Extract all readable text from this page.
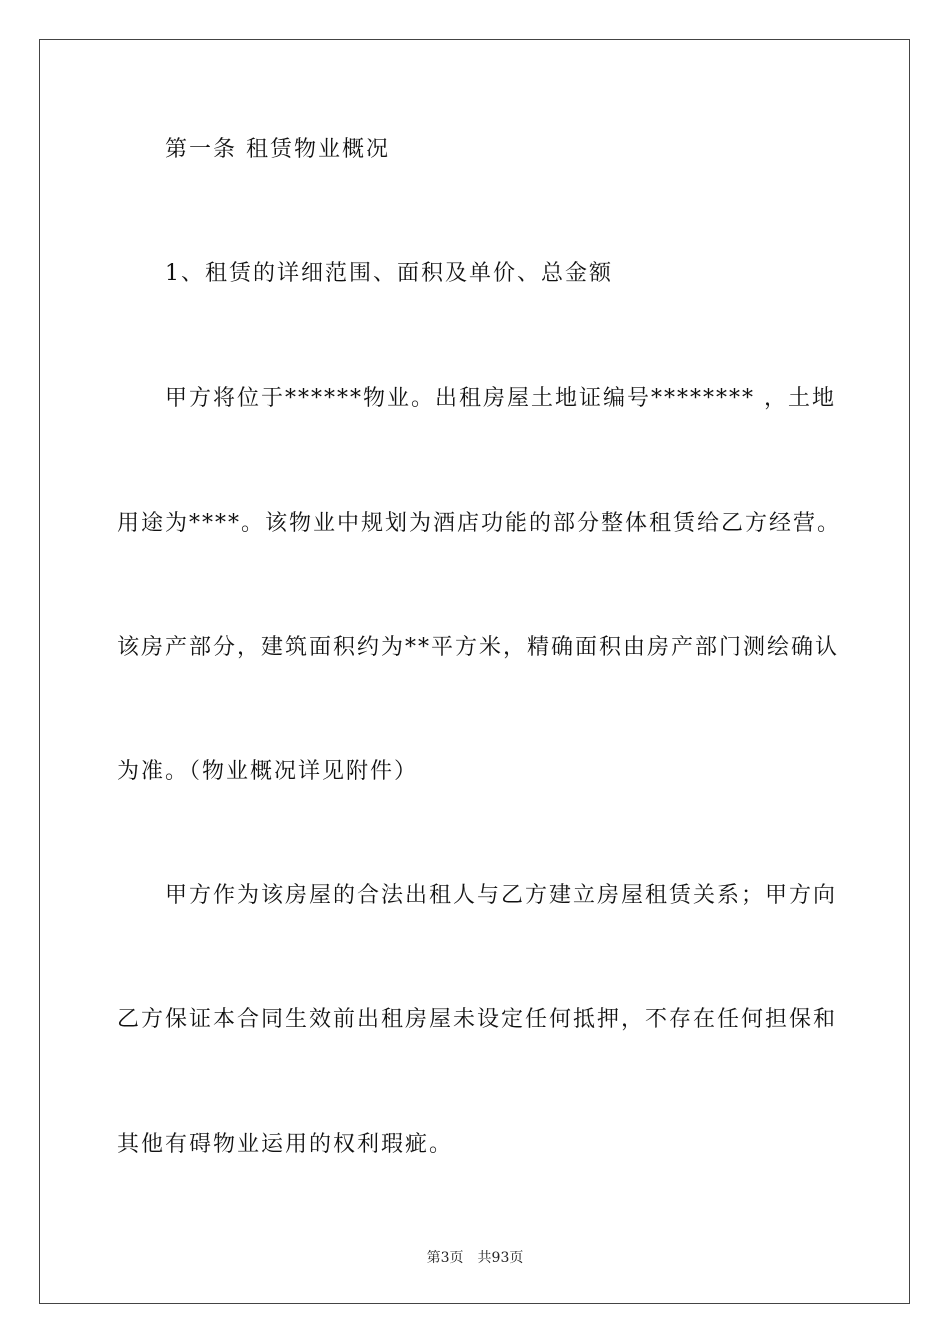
第一条 租赁物业概况
1、租赁的详细范围、面积及单价、总金额
甲方将位于******物业。出租房屋土地证编号******** ，土地
用途为****。该物业中规划为酒店功能的部分整体租赁给乙方经营。
该房产部分，建筑面积约为**平方米，精确面积由房产部门测绘确认
为准。（物业概况详见附件）
甲方作为该房屋的合法出租人与乙方建立房屋租赁关系；甲方向
乙方保证本合同生效前出租房屋未设定任何抵押，不存在任何担保和
其他有碍物业运用的权利瑕疵。
第3页 共93页
